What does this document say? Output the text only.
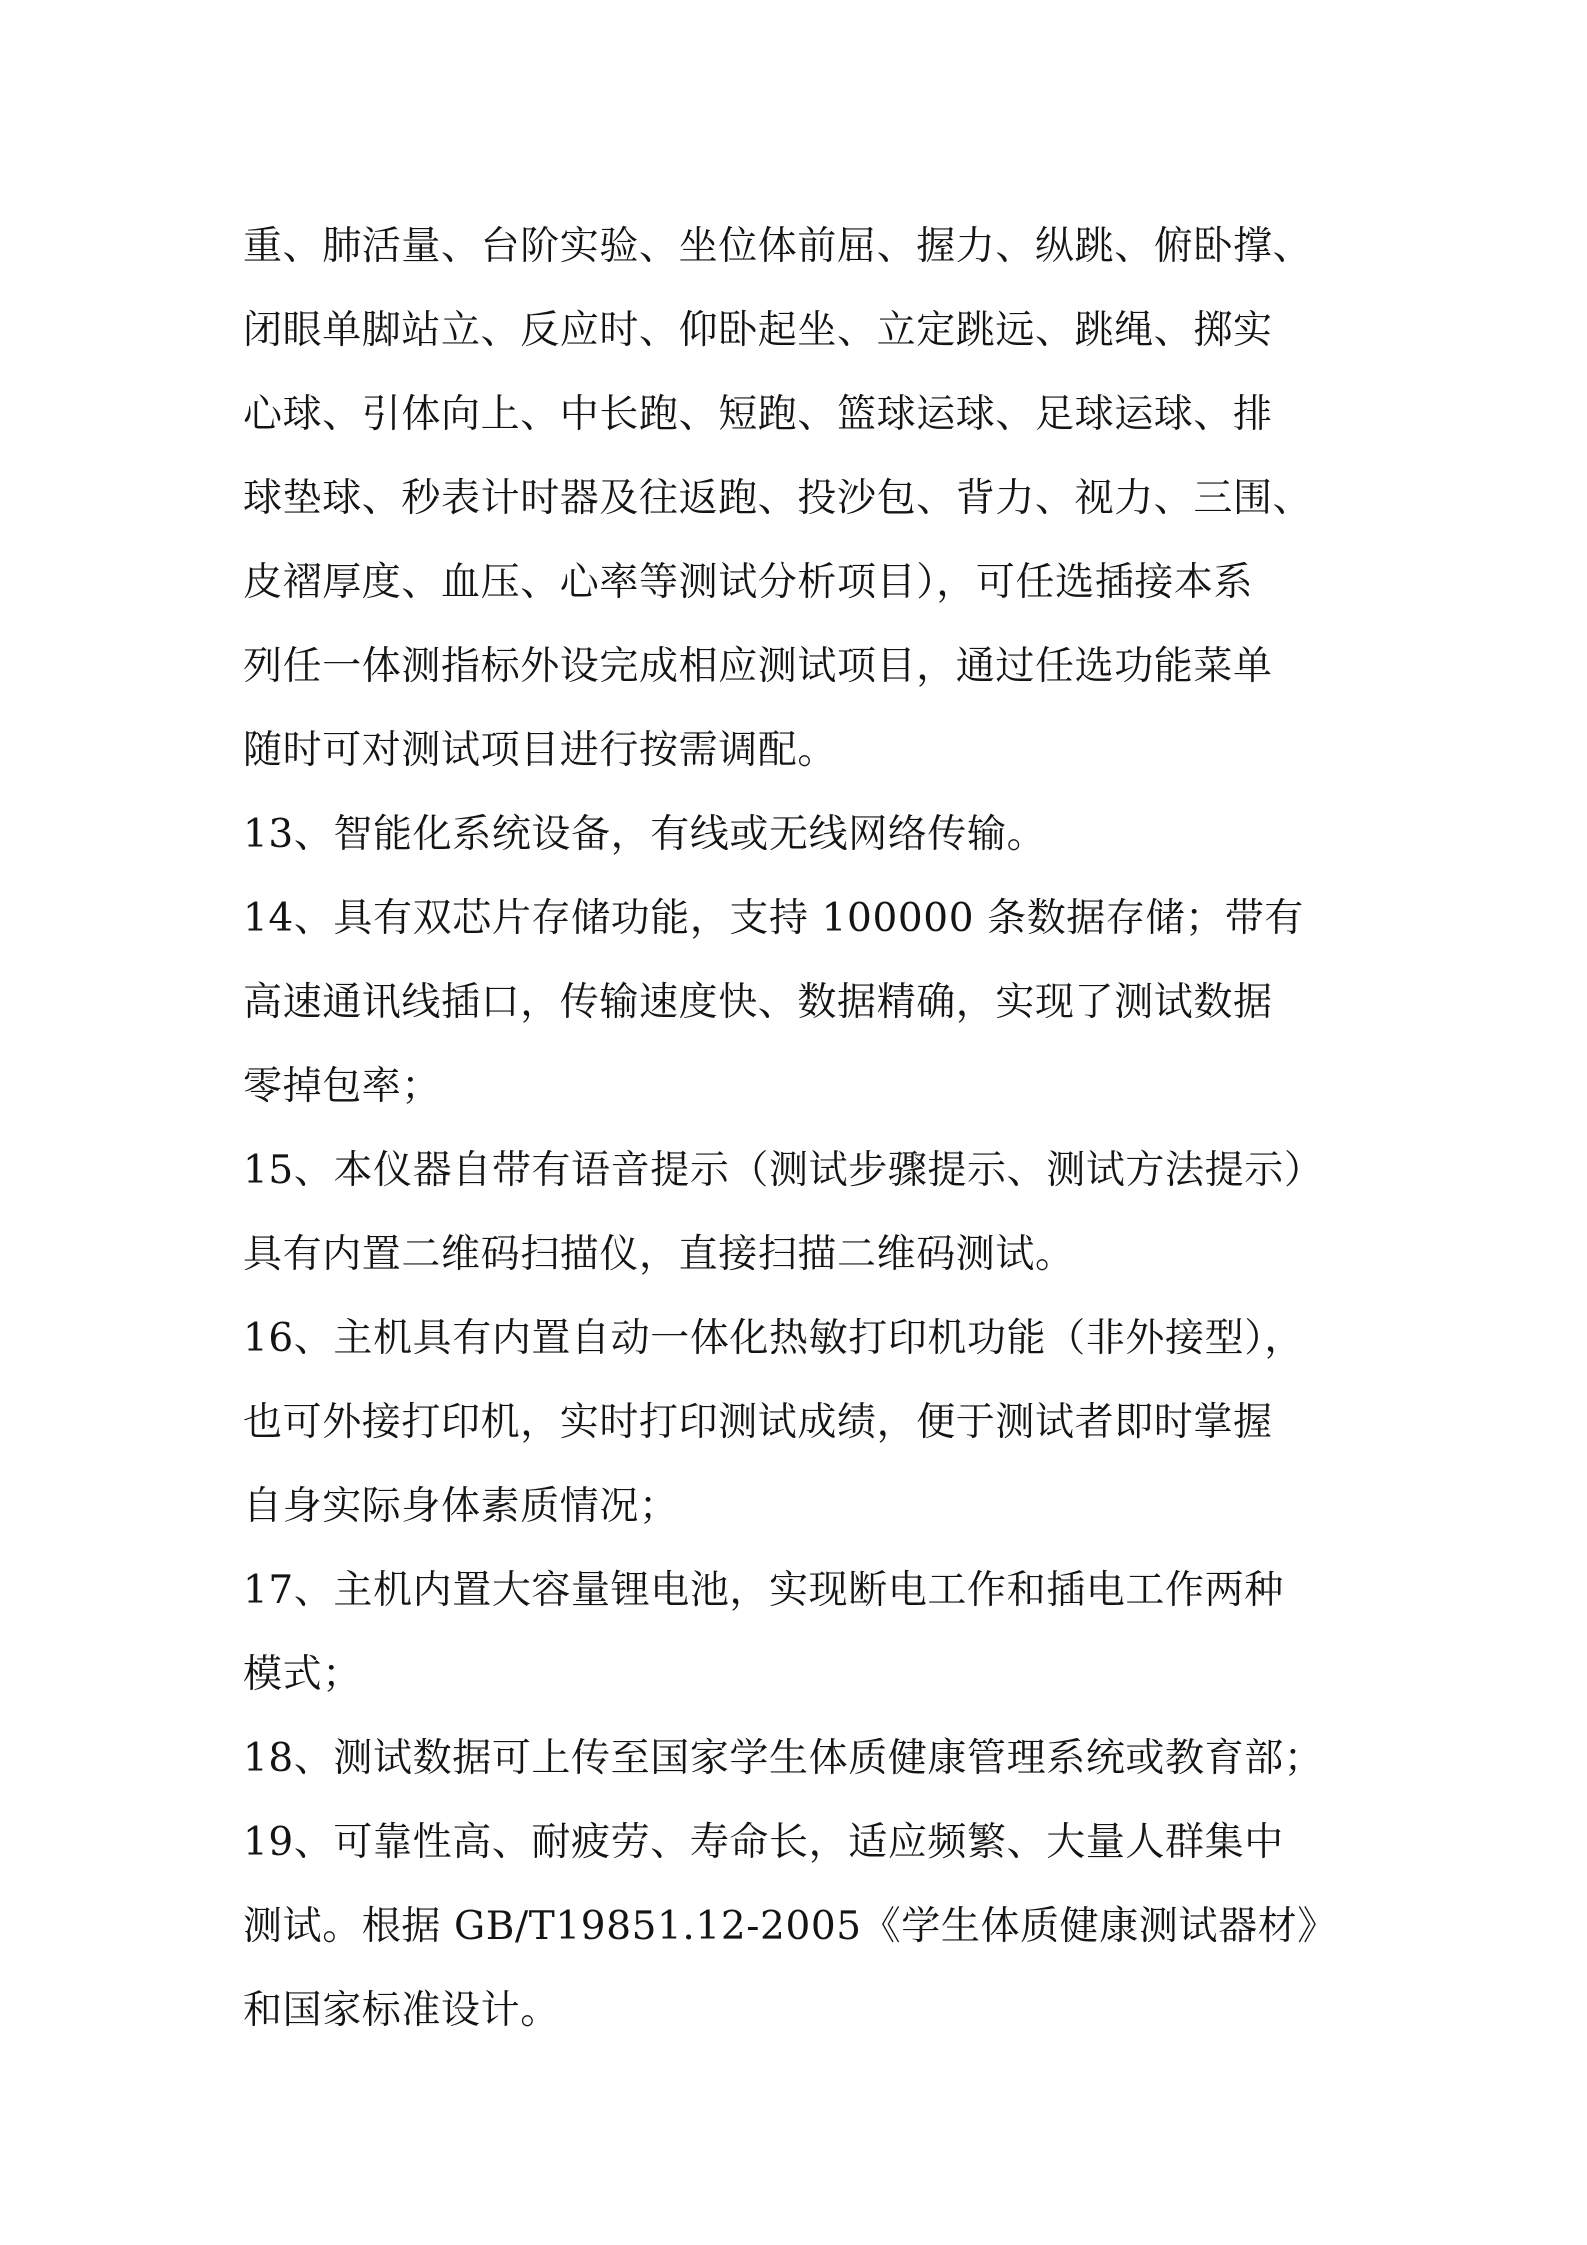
重、肺活量、台阶实验、坐位体前屈、握力、纵跳、俯卧撑、
闭眼单脚站立、反应时、仰卧起坐、立定跳远、跳绳、掷实
心球、引体向上、中长跑、短跑、篮球运球、足球运球、排
球垫球、秒表计时器及往返跑、投沙包、背力、视力、三围、
皮褶厚度、血压、心率等测试分析项目），可任选插接本系
列任一体测指标外设完成相应测试项目，通过任选功能菜单
随时可对测试项目进行按需调配。
13、智能化系统设备，有线或无线网络传输。
14、具有双芯片存储功能，支持 100000 条数据存储；带有
高速通讯线插口，传输速度快、数据精确，实现了测试数据
零掉包率；
15、本仪器自带有语音提示（测试步骤提示、测试方法提示）
具有内置二维码扫描仪，直接扫描二维码测试。
16、主机具有内置自动一体化热敏打印机功能（非外接型），
也可外接打印机，实时打印测试成绩，便于测试者即时掌握
自身实际身体素质情况；
17、主机内置大容量锂电池，实现断电工作和插电工作两种
模式；
18、测试数据可上传至国家学生体质健康管理系统或教育部；
19、可靠性高、耐疲劳、寿命长，适应频繁、大量人群集中
测试。根据 GB/T19851.12-2005《学生体质健康测试器材》
和国家标准设计。
